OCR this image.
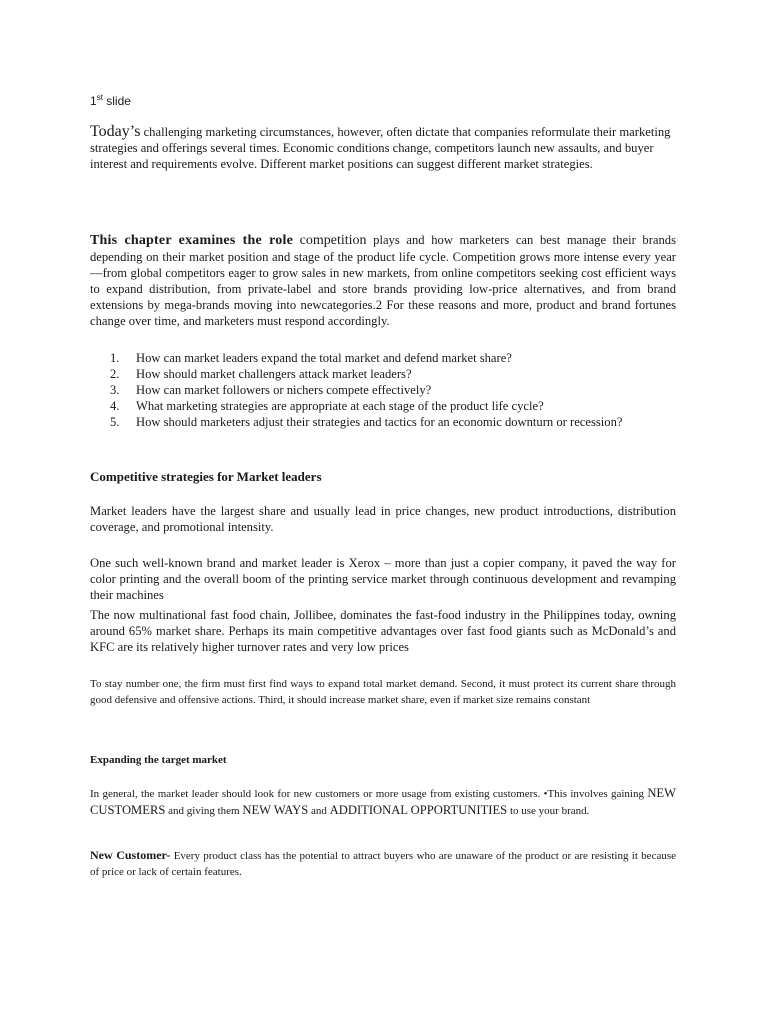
1st slide

Today’s challenging marketing circumstances, however, often dictate that companies reformulate their marketing strategies and offerings several times. Economic conditions change, competitors launch new assaults, and buyer interest and requirements evolve. Different market positions can suggest different market strategies.

This chapter examines the role competition plays and how marketers can best manage their brands depending on their market position and stage of the product life cycle. Competition grows more intense every year—from global competitors eager to grow sales in new markets, from online competitors seeking cost efficient ways to expand distribution, from private-label and store brands providing low-price alternatives, and from brand extensions by mega-brands moving into newcategories.2 For these reasons and more, product and brand fortunes change over time, and marketers must respond accordingly.

1. How can market leaders expand the total market and defend market share?
2. How should market challengers attack market leaders?
3. How can market followers or nichers compete effectively?
4. What marketing strategies are appropriate at each stage of the product life cycle?
5. How should marketers adjust their strategies and tactics for an economic downturn or recession?
Competitive strategies for Market leaders

Market leaders have the largest share and usually lead in price changes, new product introductions, distribution coverage, and promotional intensity.

One such well-known brand and market leader is Xerox – more than just a copier company, it paved the way for color printing and the overall boom of the printing service market through continuous development and revamping their machines

The now multinational fast food chain, Jollibee, dominates the fast-food industry in the Philippines today, owning around 65% market share. Perhaps its main competitive advantages over fast food giants such as McDonald’s and KFC are its relatively higher turnover rates and very low prices

To stay number one, the firm must first find ways to expand total market demand. Second, it must protect its current share through good defensive and offensive actions. Third, it should increase market share, even if market size remains constant

Expanding the target market

In general, the market leader should look for new customers or more usage from existing customers. •This involves gaining NEW CUSTOMERS and giving them NEW WAYS and ADDITIONAL OPPORTUNITIES to use your brand.

New Customer- Every product class has the potential to attract buyers who are unaware of the product or are resisting it because of price or lack of certain features.
